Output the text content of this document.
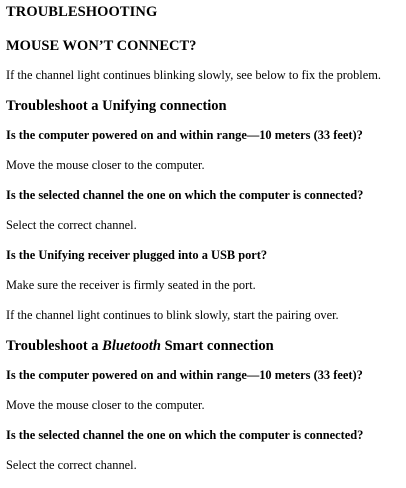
TROUBLESHOOTING
MOUSE WON’T CONNECT?
If the channel light continues blinking slowly, see below to fix the problem.
Troubleshoot a Unifying connection
Is the computer powered on and within range—10 meters (33 feet)?
Move the mouse closer to the computer.
Is the selected channel the one on which the computer is connected?
Select the correct channel.
Is the Unifying receiver plugged into a USB port?
Make sure the receiver is firmly seated in the port.
If the channel light continues to blink slowly, start the pairing over.
Troubleshoot a Bluetooth Smart connection
Is the computer powered on and within range—10 meters (33 feet)?
Move the mouse closer to the computer.
Is the selected channel the one on which the computer is connected?
Select the correct channel.
